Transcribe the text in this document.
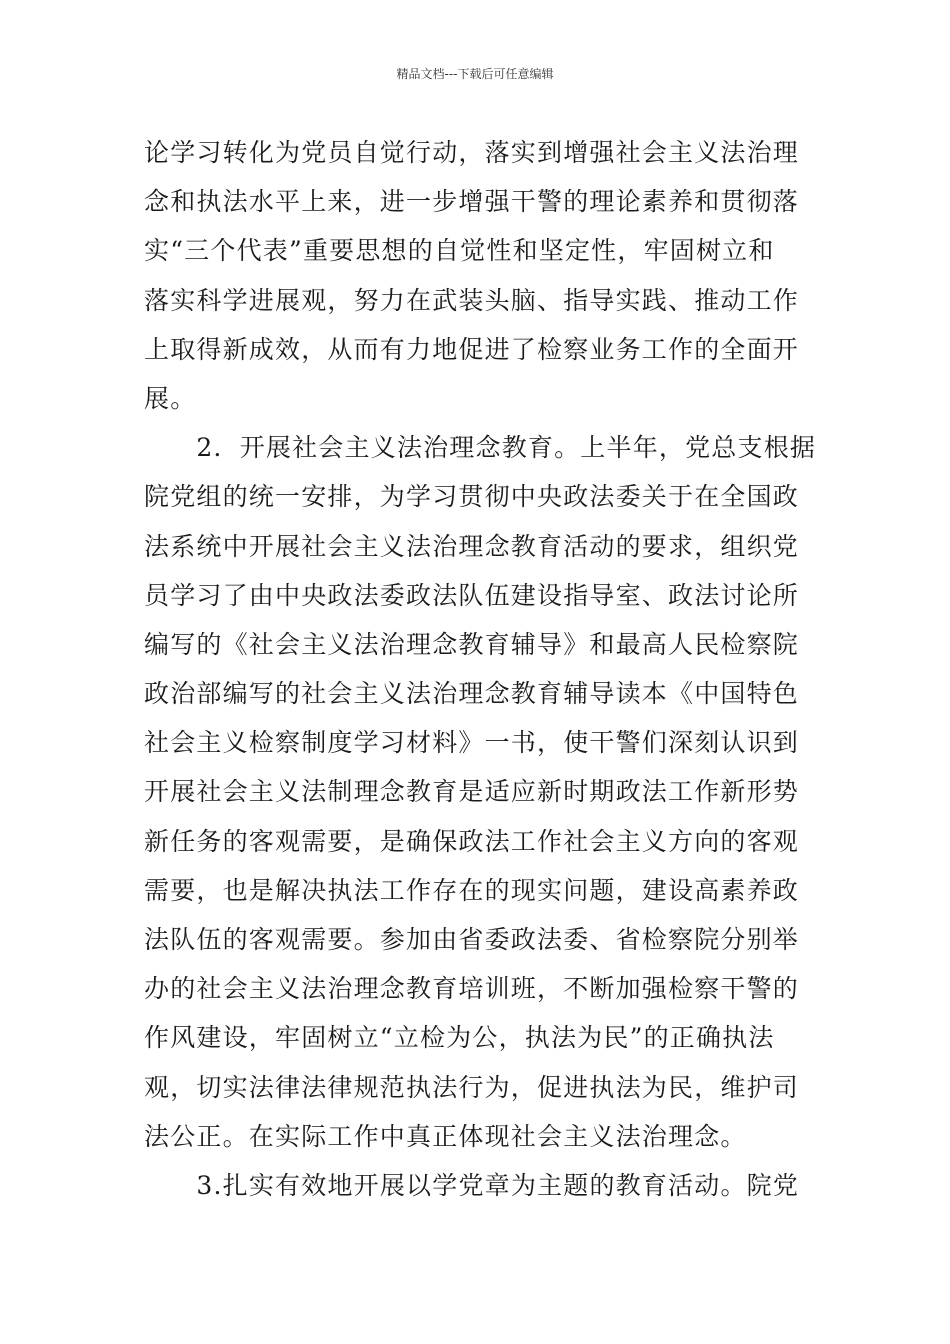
精品文档---下载后可任意编辑
论学习转化为党员自觉行动，落实到增强社会主义法治理
念和执法水平上来，进一步增强干警的理论素养和贯彻落
实“三个代表”重要思想的自觉性和坚定性，牢固树立和
落实科学进展观，努力在武装头脑、指导实践、推动工作
上取得新成效，从而有力地促进了检察业务工作的全面开
展。
　　2．开展社会主义法治理念教育。上半年，党总支根据
院党组的统一安排，为学习贯彻中央政法委关于在全国政
法系统中开展社会主义法治理念教育活动的要求，组织党
员学习了由中央政法委政法队伍建设指导室、政法讨论所
编写的《社会主义法治理念教育辅导》和最高人民检察院
政治部编写的社会主义法治理念教育辅导读本《中国特色
社会主义检察制度学习材料》一书，使干警们深刻认识到
开展社会主义法制理念教育是适应新时期政法工作新形势
新任务的客观需要，是确保政法工作社会主义方向的客观
需要，也是解决执法工作存在的现实问题，建设高素养政
法队伍的客观需要。参加由省委政法委、省检察院分别举
办的社会主义法治理念教育培训班，不断加强检察干警的
作风建设，牢固树立“立检为公，执法为民”的正确执法
观，切实法律法律规范执法行为，促进执法为民，维护司
法公正。在实际工作中真正体现社会主义法治理念。
　　3.扎实有效地开展以学党章为主题的教育活动。院党
